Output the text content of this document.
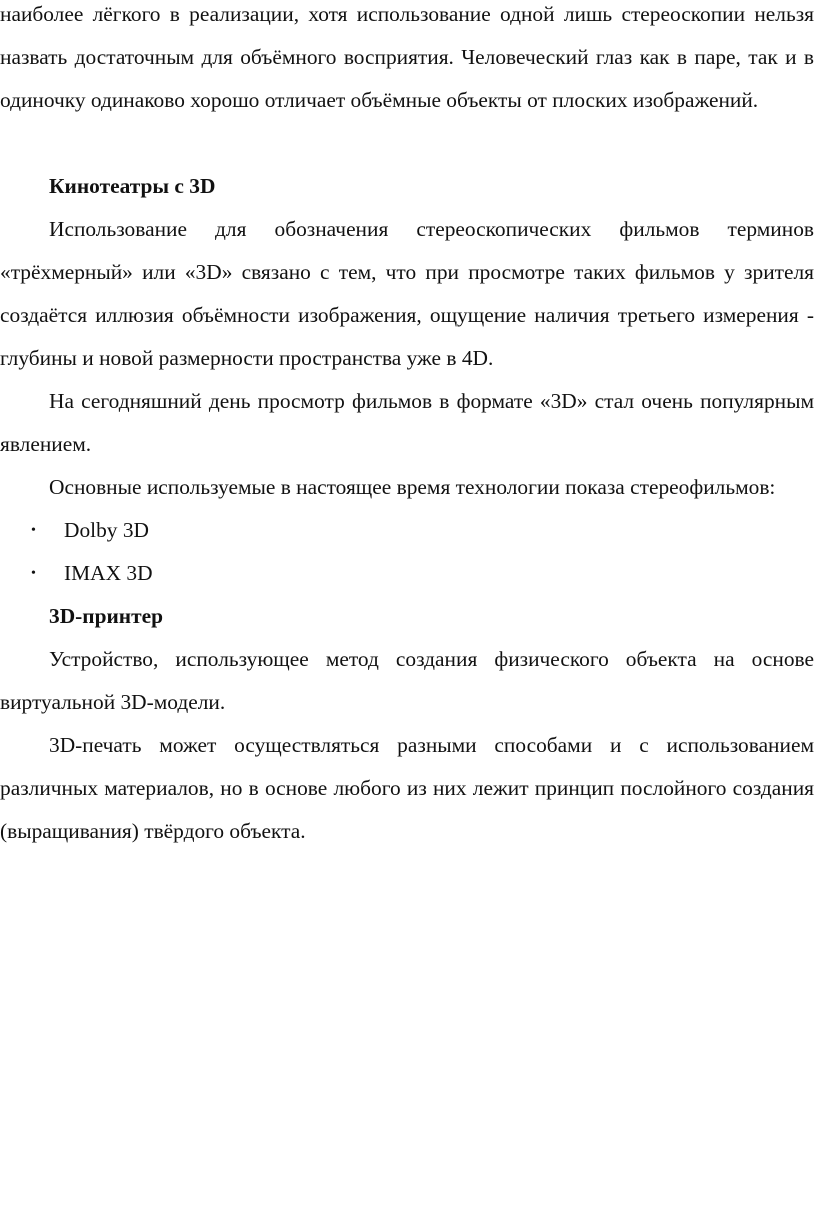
наиболее лёгкого в реализации, хотя использование одной лишь стереоскопии нельзя назвать достаточным для объёмного восприятия. Человеческий глаз как в паре, так и в одиночку одинаково хорошо отличает объёмные объекты от плоских изображений.

Кинотеатры с 3D

Использование для обозначения стереоскопических фильмов терминов «трёхмерный» или «3D» связано с тем, что при просмотре таких фильмов у зрителя создаётся иллюзия объёмности изображения, ощущение наличия третьего измерения - глубины и новой размерности пространства уже в 4D.

На сегодняшний день просмотр фильмов в формате «3D» стал очень популярным явлением.

Основные используемые в настоящее время технологии показа стереофильмов:

• Dolby 3D
• IMAX 3D

3D-принтер

Устройство, использующее метод создания физического объекта на основе виртуальной 3D-модели.

3D-печать может осуществляться разными способами и с использованием различных материалов, но в основе любого из них лежит принцип послойного создания (выращивания) твёрдого объекта.
